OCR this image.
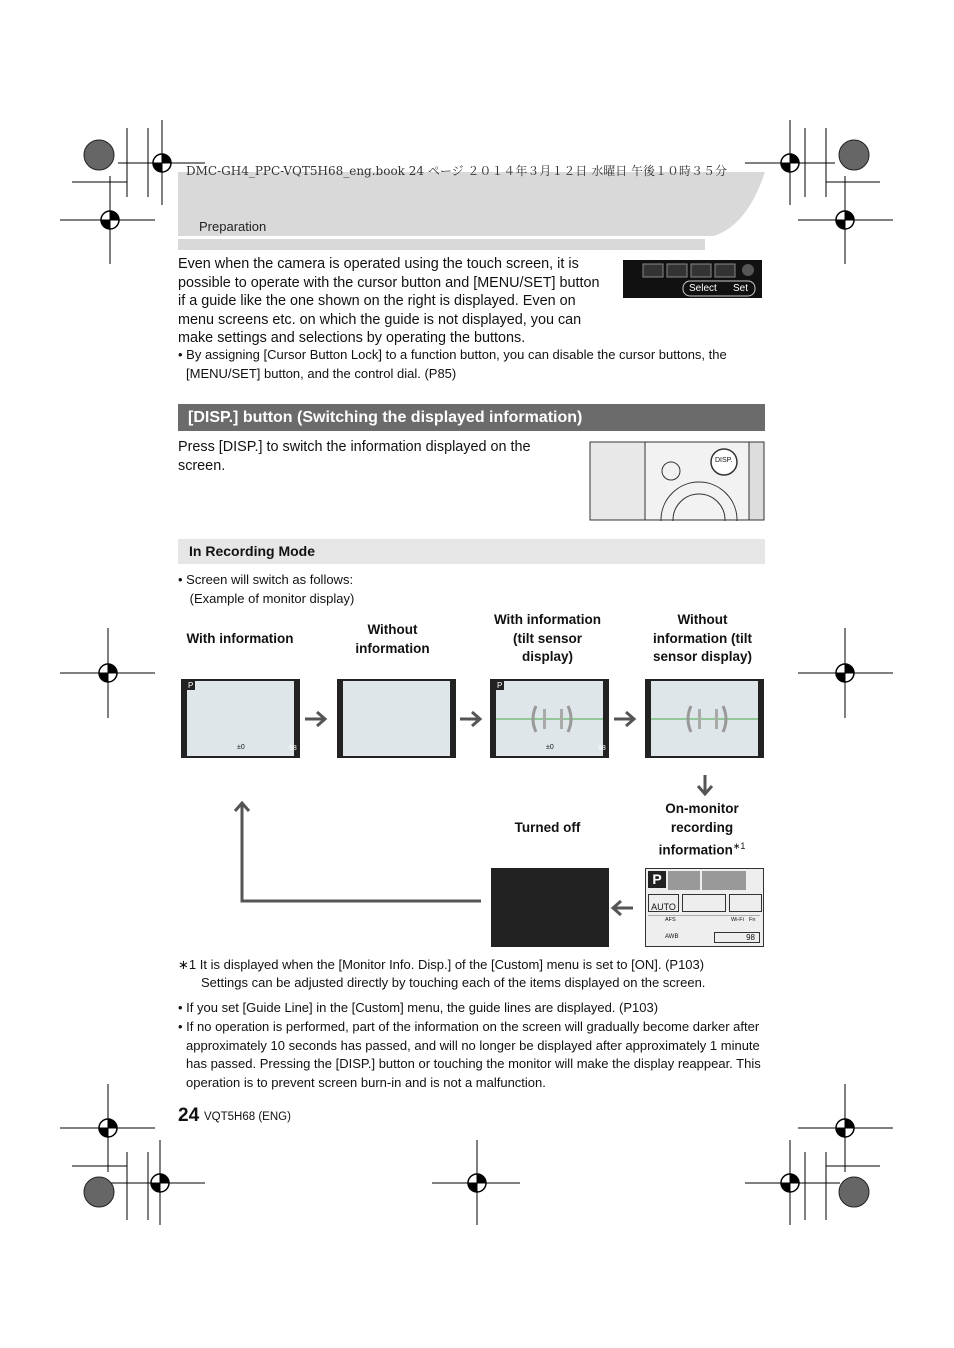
DMC-GH4_PPC-VQT5H68_eng.book 24 ページ ２０１４年３月１２日 水曜日 午後１０時３５分
Preparation
Even when the camera is operated using the touch screen, it is possible to operate with the cursor button and [MENU/SET] button if a guide like the one shown on the right is displayed. Even on menu screens etc. on which the guide is not displayed, you can make settings and selections by operating the buttons.
Select Set
• By assigning [Cursor Button Lock] to a function button, you can disable the cursor buttons, the [MENU/SET] button, and the control dial. (P85)
[DISP.] button (Switching the displayed information)
Press [DISP.] to switch the information displayed on the screen.	DISP.
In Recording Mode
• Screen will switch as follows:
(Example of monitor display)
With information
Without information
With information (tilt sensor display)
Without information (tilt sensor display)
P
±0	98
P
±0	98
Turned off
On-monitor recording information$^{∗1}$
P
AUTO
AFS	Wi-Fi Fn
AWB	98
∗1 It is displayed when the [Monitor Info. Disp.] of the [Custom] menu is set to [ON]. (P103)
Settings can be adjusted directly by touching each of the items displayed on the screen.
• If you set [Guide Line] in the [Custom] menu, the guide lines are displayed. (P103)
• If no operation is performed, part of the information on the screen will gradually become darker after approximately 10 seconds has passed, and will no longer be displayed after approximately 1 minute has passed. Pressing the [DISP.] button or touching the monitor will make the display reappear. This operation is to prevent screen burn-in and is not a malfunction.
24 VQT5H68 (ENG)
